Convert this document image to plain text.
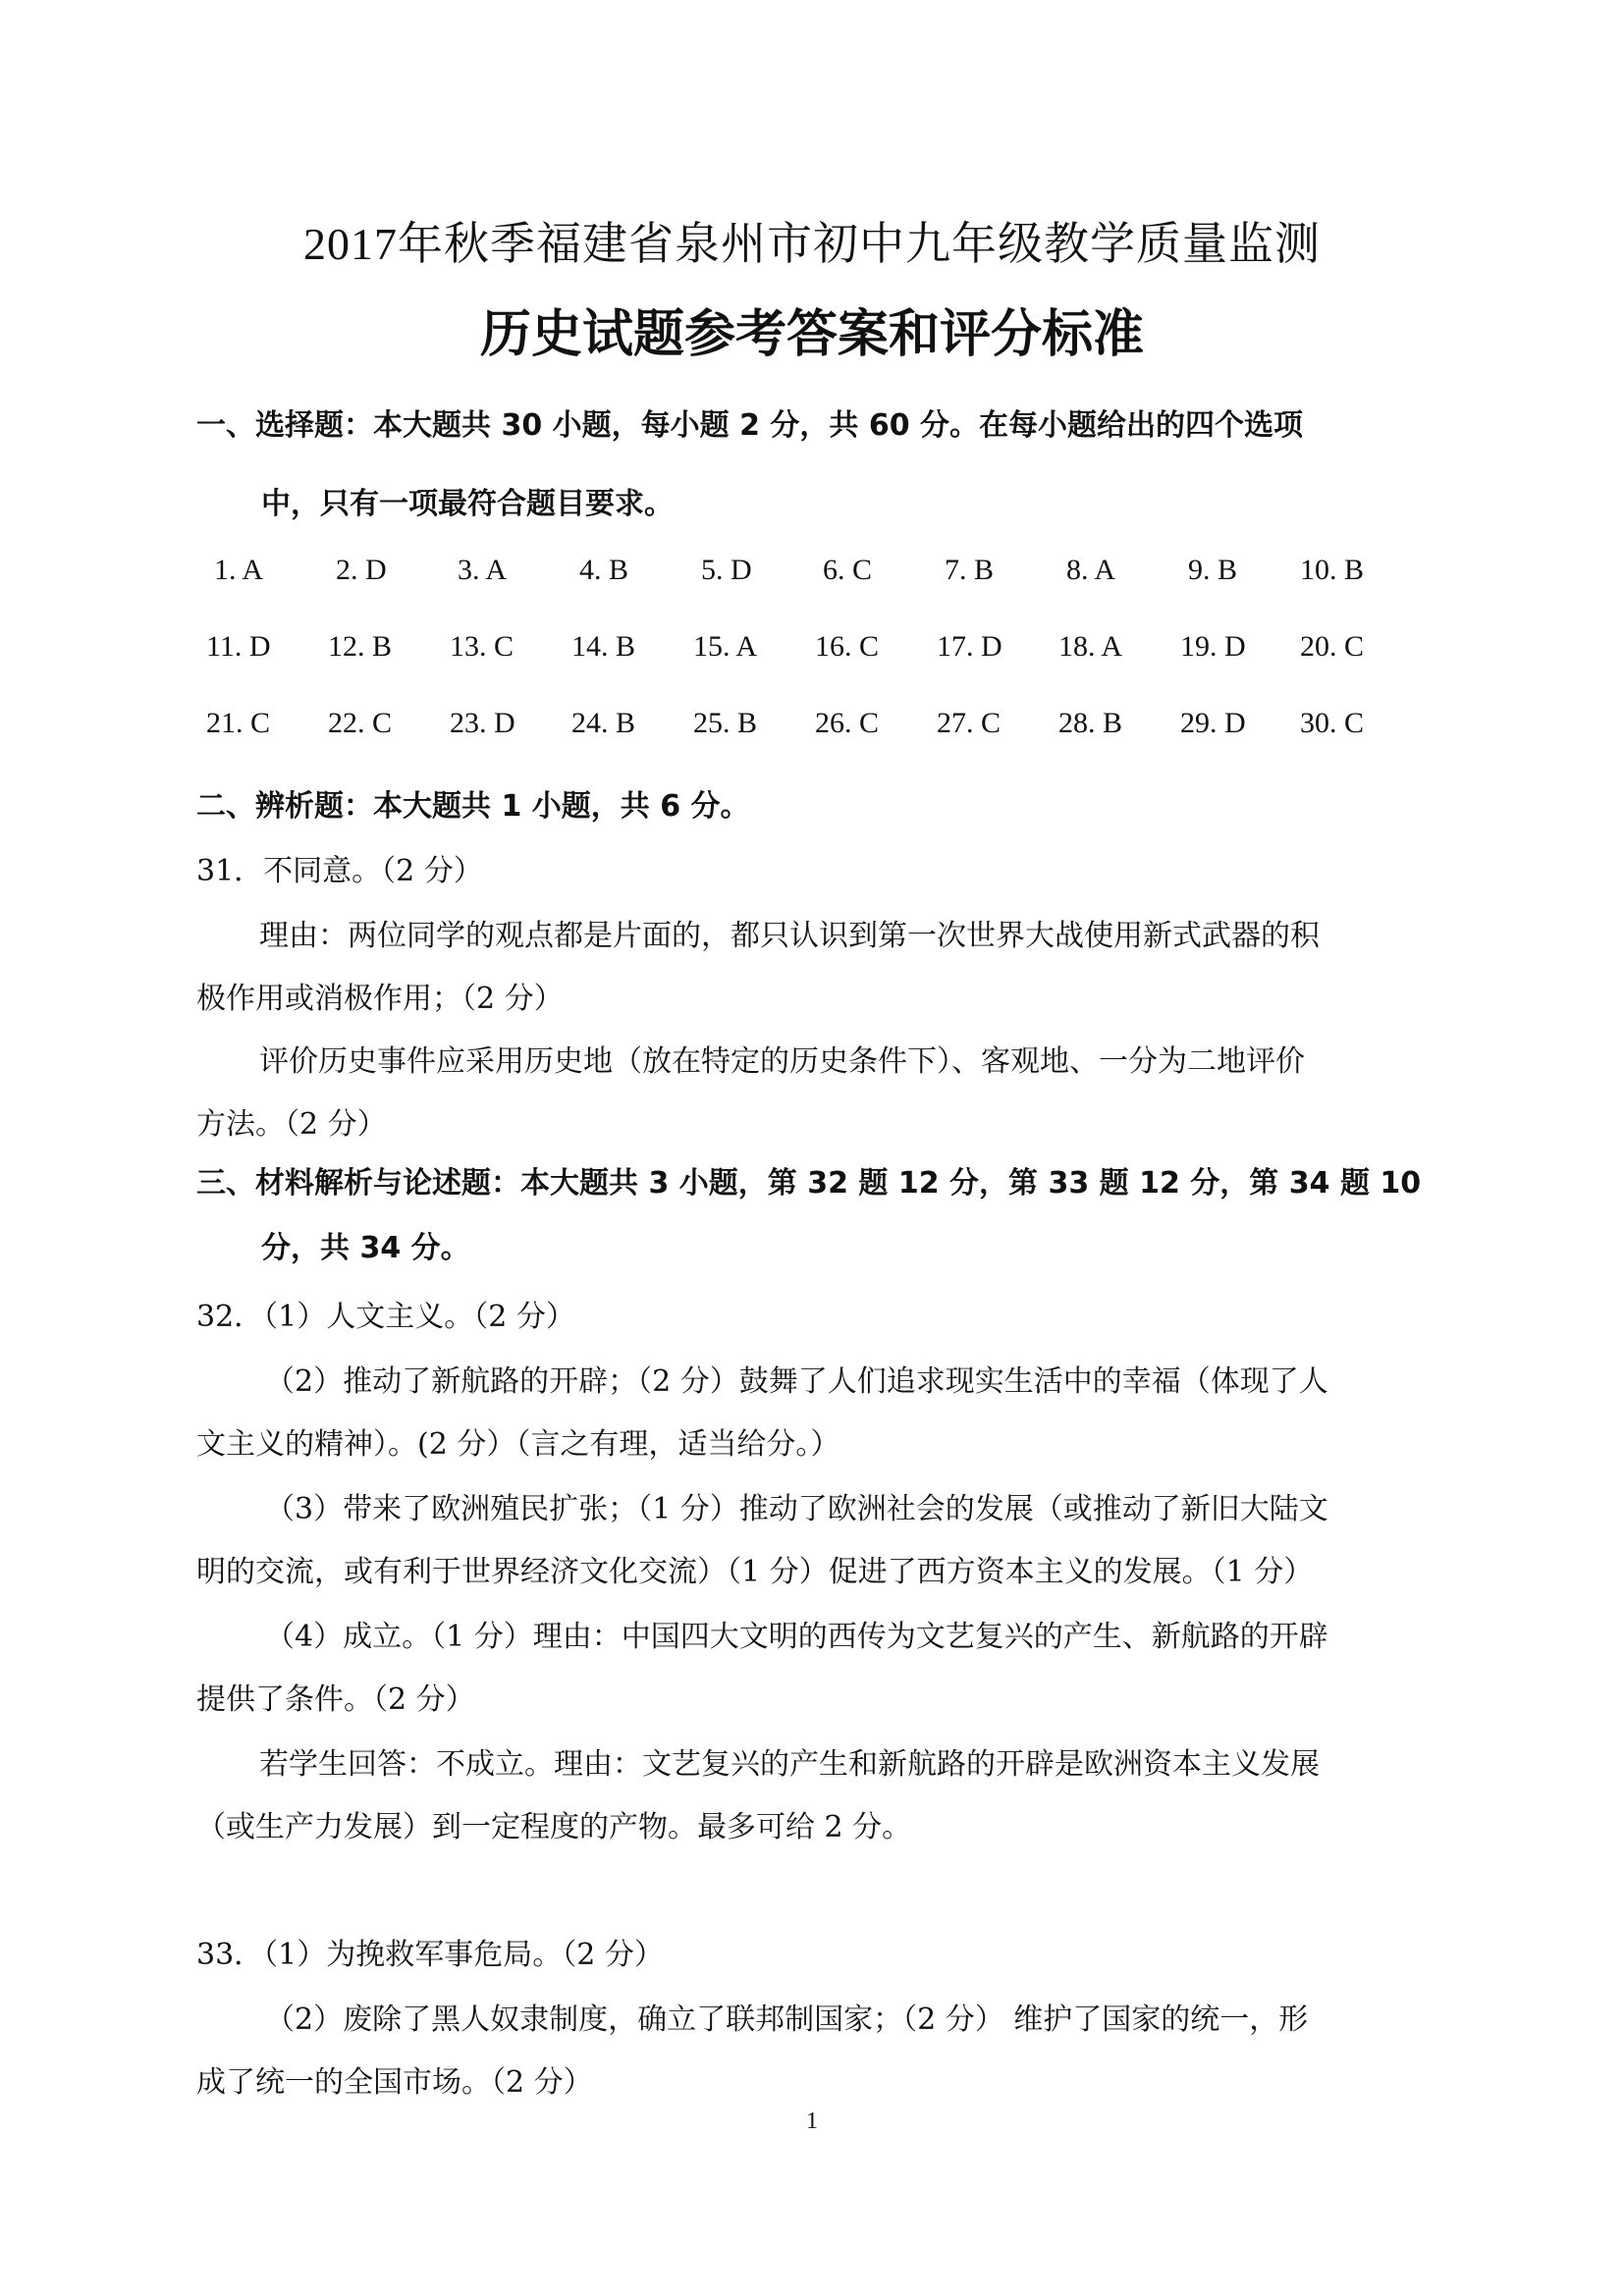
2017年秋季福建省泉州市初中九年级教学质量监测
历史试题参考答案和评分标准
一、选择题：本大题共 30 小题，每小题 2 分，共 60 分。在每小题给出的四个选项
中，只有一项最符合题目要求。
1. A 2. D 3. A 4. B 5. D 6. C 7. B 8. A 9. B 10. B
11. D 12. B 13. C 14. B 15. A 16. C 17. D 18. A 19. D 20. C
21. C 22. C 23. D 24. B 25. B 26. C 27. C 28. B 29. D 30. C
二、辨析题：本大题共 1 小题，共 6 分。
31．不同意。（2 分）
理由：两位同学的观点都是片面的，都只认识到第一次世界大战使用新式武器的积
极作用或消极作用；（2 分）
评价历史事件应采用历史地（放在特定的历史条件下）、客观地、一分为二地评价
方法。（2 分）
三、材料解析与论述题：本大题共 3 小题，第 32 题 12 分，第 33 题 12 分，第 34 题 10
分，共 34 分。
32．（1）人文主义。（2 分）
（2）推动了新航路的开辟；（2 分）鼓舞了人们追求现实生活中的幸福（体现了人
文主义的精神）。(2 分）（言之有理，适当给分。）
（3）带来了欧洲殖民扩张；（1 分）推动了欧洲社会的发展（或推动了新旧大陆文
明的交流，或有利于世界经济文化交流）（1 分）促进了西方资本主义的发展。（1 分）
（4）成立。（1 分）理由：中国四大文明的西传为文艺复兴的产生、新航路的开辟
提供了条件。（2 分）
若学生回答：不成立。理由：文艺复兴的产生和新航路的开辟是欧洲资本主义发展
（或生产力发展）到一定程度的产物。最多可给 2 分。
33．（1）为挽救军事危局。（2 分）
（2）废除了黑人奴隶制度，确立了联邦制国家；（2 分） 维护了国家的统一，形
成了统一的全国市场。（2 分）
1
